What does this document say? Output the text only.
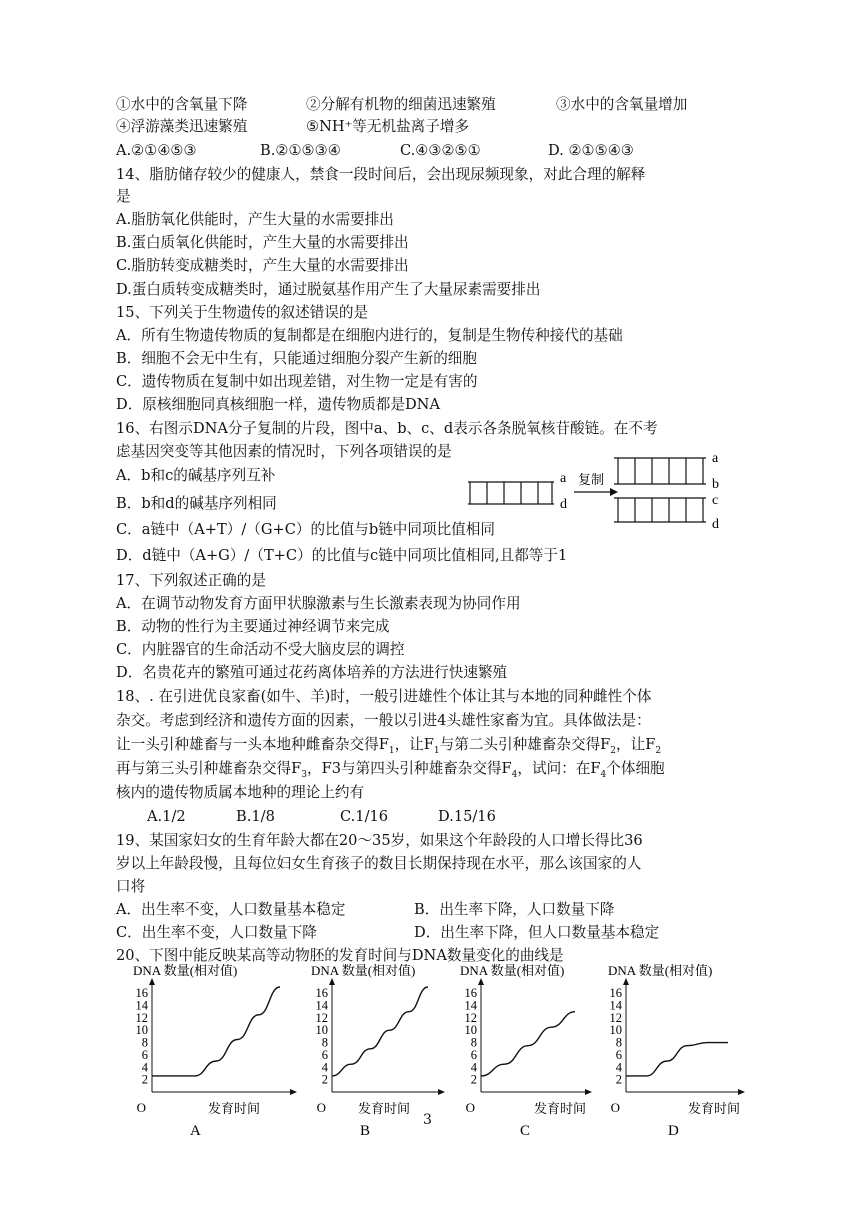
①水中的含氧量下降	②分解有机物的细菌迅速繁殖	③水中的含氧量增加
④浮游藻类迅速繁殖	⑤NH⁺等无机盐离子增多
A.②①④⑤③	B.②①⑤③④	C.④③②⑤①	D. ②①⑤④③
14、脂肪储存较少的健康人，禁食一段时间后，会出现尿频现象，对此合理的解释
是
A.脂肪氧化供能时，产生大量的水需要排出
B.蛋白质氧化供能时，产生大量的水需要排出
C.脂肪转变成糖类时，产生大量的水需要排出
D.蛋白质转变成糖类时，通过脱氨基作用产生了大量尿素需要排出
15、下列关于生物遗传的叙述错误的是
A．所有生物遗传物质的复制都是在细胞内进行的，复制是生物传种接代的基础
B．细胞不会无中生有，只能通过细胞分裂产生新的细胞
C．遗传物质在复制中如出现差错，对生物一定是有害的
D．原核细胞同真核细胞一样，遗传物质都是DNA
16、右图示DNA分子复制的片段，图中a、b、c、d表示各条脱氧核苷酸链。在不考
虑基因突变等其他因素的情况时，下列各项错误的是
A．b和c的碱基序列互补
B．b和d的碱基序列相同
C．a链中（A+T）/（G+C）的比值与b链中同项比值相同
D．d链中（A+G）/（T+C）的比值与c链中同项比值相同,且都等于1
a
d
复制
a
b
c
d
17、下列叙述正确的是
A．在调节动物发育方面甲状腺激素与生长激素表现为协同作用
B．动物的性行为主要通过神经调节来完成
C．内脏器官的生命活动不受大脑皮层的调控
D．名贵花卉的繁殖可通过花药离体培养的方法进行快速繁殖
18、. 在引进优良家畜(如牛、羊)时，一般引进雄性个体让其与本地的同种雌性个体
杂交。考虑到经济和遗传方面的因素，一般以引进4头雄性家畜为宜。具体做法是：
让一头引种雄畜与一头本地种雌畜杂交得$F_1$，让$F_1$与第二头引种雄畜杂交得$F_2$，让$F_2$
再与第三头引种雄畜杂交得$F_3$，F3与第四头引种雄畜杂交得$F_4$，试问：在$F_4$个体细胞
核内的遗传物质属本地种的理论上约有
A.1/2	B.1/8	C.1/16	D.15/16
19、某国家妇女的生育年龄大都在20～35岁，如果这个年龄段的人口增长得比36
岁以上年龄段慢，且每位妇女生育孩子的数目长期保持现在水平，那么该国家的人
口将
A．出生率不变，人口数量基本稳定	B．出生率下降，人口数量下降
C．出生率不变，人口数量下降	D．出生率下降，但人口数量基本稳定
20、下图中能反映某高等动物胚的发育时间与DNA数量变化的曲线是
DNA 数量(相对值)
2
4
6
8
10
12
14
16
O	发育时间
A
DNA 数量(相对值)
2
4
6
8
10
12
14
16
O 发育时间
B
DNA 数量(相对值)
2
4
6
8
10
12
14
16
O	发育时间
C
DNA 数量(相对值)
2
4
6
8
10
12
14
16
O	发育时间
D
3
